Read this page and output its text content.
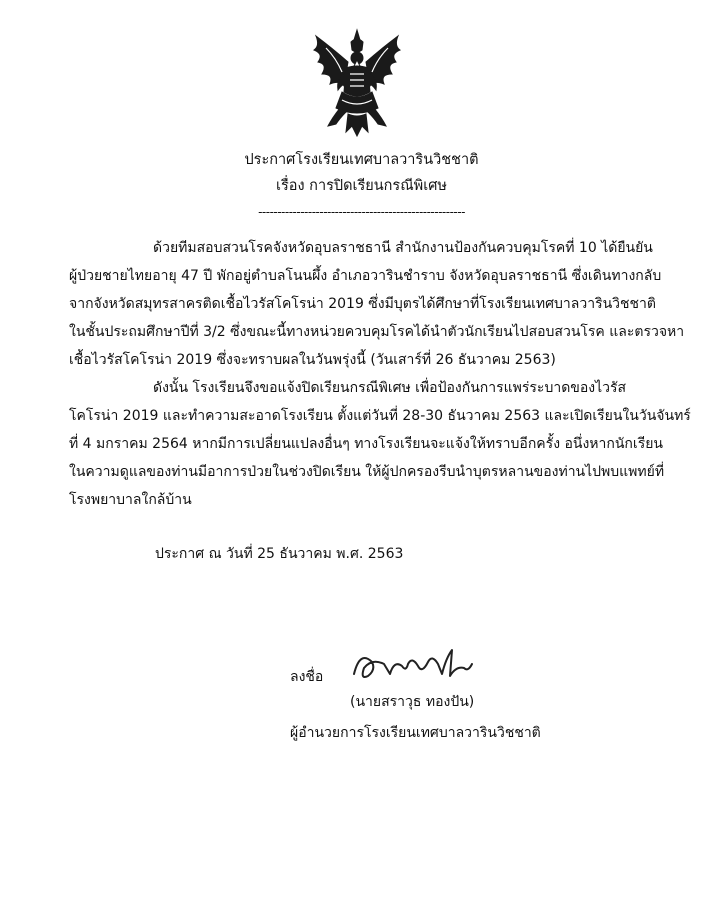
ประกาศโรงเรียนเทศบาลวารินวิชชาติ
เรื่อง การปิดเรียนกรณีพิเศษ
------------------------------------------------------
ด้วยทีมสอบสวนโรคจังหวัดอุบลราชธานี สำนักงานป้องกันควบคุมโรคที่ 10 ได้ยืนยัน
ผู้ป่วยชายไทยอายุ 47 ปี พักอยู่ตำบลโนนผึ้ง อำเภอวารินชำราบ จังหวัดอุบลราชธานี ซึ่งเดินทางกลับ
จากจังหวัดสมุทรสาครติดเชื้อไวรัสโคโรน่า 2019 ซึ่งมีบุตรได้ศึกษาที่โรงเรียนเทศบาลวารินวิชชาติ
ในชั้นประถมศึกษาปีที่ 3/2 ซึ่งขณะนี้ทางหน่วยควบคุมโรคได้นำตัวนักเรียนไปสอบสวนโรค และตรวจหา
เชื้อไวรัสโคโรน่า 2019 ซึ่งจะทราบผลในวันพรุ่งนี้ (วันเสาร์ที่ 26 ธันวาคม 2563)
ดังนั้น โรงเรียนจึงขอแจ้งปิดเรียนกรณีพิเศษ เพื่อป้องกันการแพร่ระบาดของไวรัส
โคโรน่า 2019 และทำความสะอาดโรงเรียน ตั้งแต่วันที่ 28-30 ธันวาคม 2563 และเปิดเรียนในวันจันทร์
ที่ 4 มกราคม 2564 หากมีการเปลี่ยนแปลงอื่นๆ ทางโรงเรียนจะแจ้งให้ทราบอีกครั้ง อนึ่งหากนักเรียน
ในความดูแลของท่านมีอาการป่วยในช่วงปิดเรียน ให้ผู้ปกครองรีบนำบุตรหลานของท่านไปพบแพทย์ที่
โรงพยาบาลใกล้บ้าน
ประกาศ ณ วันที่ 25 ธันวาคม พ.ศ. 2563
ลงชื่อ
(นายสราวุธ ทองปัน)
ผู้อำนวยการโรงเรียนเทศบาลวารินวิชชาติ
